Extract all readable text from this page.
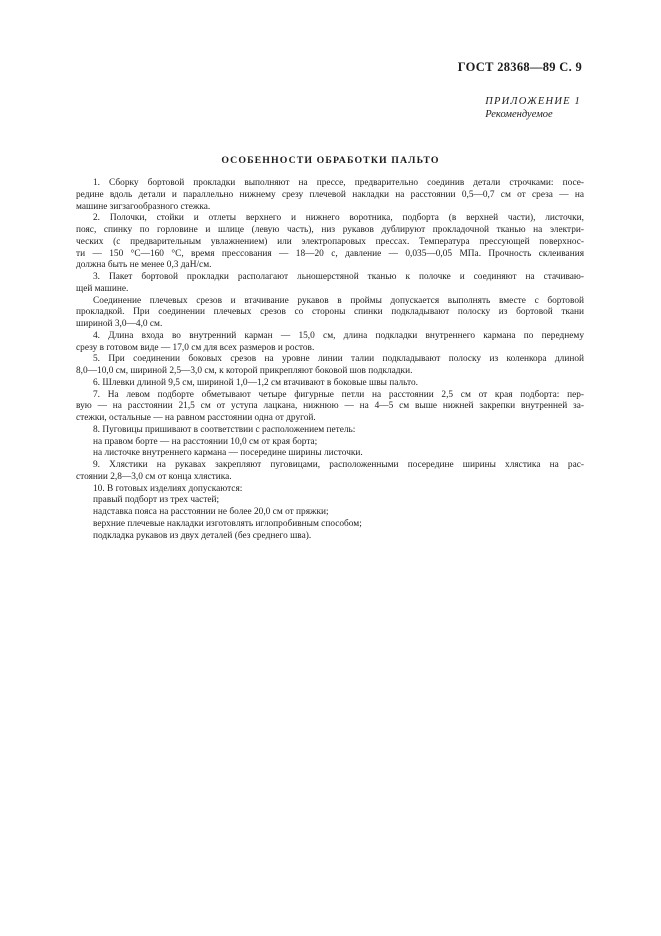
ГОСТ 28368—89 С. 9
ПРИЛОЖЕНИЕ 1
Рекомендуемое
ОСОБЕННОСТИ ОБРАБОТКИ ПАЛЬТО
1. Сборку бортовой прокладки выполняют на прессе, предварительно соединив детали строчками: посе-
редине вдоль детали и параллельно нижнему срезу плечевой накладки на расстоянии 0,5—0,7 см от среза — на
машине зигзагообразного стежка.
2. Полочки, стойки и отлеты верхнего и нижнего воротника, подборта (в верхней части), листочки,
пояс, спинку по горловине и шлице (левую часть), низ рукавов дублируют прокладочной тканью на электри-
ческих (с предварительным увлажнением) или электропаровых прессах. Температура прессующей поверхнос-
ти — 150 °С—160 °С, время прессования — 18—20 с, давление — 0,035—0,05 МПа. Прочность склеивания
должна быть не менее 0,3 даН/см.
3. Пакет бортовой прокладки располагают льношерстяной тканью к полочке и соединяют на стачиваю-
щей машине.
Соединение плечевых срезов и втачивание рукавов в проймы допускается выполнять вместе с бортовой
прокладкой. При соединении плечевых срезов со стороны спинки подкладывают полоску из бортовой ткани
шириной 3,0—4,0 см.
4. Длина входа во внутренний карман — 15,0 см, длина подкладки внутреннего кармана по переднему
срезу в готовом виде — 17,0 см для всех размеров и ростов.
5. При соединении боковых срезов на уровне линии талии подкладывают полоску из коленкора длиной
8,0—10,0 см, шириной 2,5—3,0 см, к которой прикрепляют боковой шов подкладки.
6. Шлевки длиной 9,5 см, шириной 1,0—1,2 см втачивают в боковые швы пальто.
7. На левом подборте обметывают четыре фигурные петли на расстоянии 2,5 см от края подборта: пер-
вую — на расстоянии 21,5 см от уступа лацкана, нижнюю — на 4—5 см выше нижней закрепки внутренней за-
стежки, остальные — на равном расстоянии одна от другой.
8. Пуговицы пришивают в соответствии с расположением петель:
на правом борте — на расстоянии 10,0 см от края борта;
на листочке внутреннего кармана — посередине ширины листочки.
9. Хлястики на рукавах закрепляют пуговицами, расположенными посередине ширины хлястика на рас-
стоянии 2,8—3,0 см от конца хлястика.
10. В готовых изделиях допускаются:
правый подборт из трех частей;
надставка пояса на расстоянии не более 20,0 см от пряжки;
верхние плечевые накладки изготовлять иглопробивным способом;
подкладка рукавов из двух деталей (без среднего шва).
